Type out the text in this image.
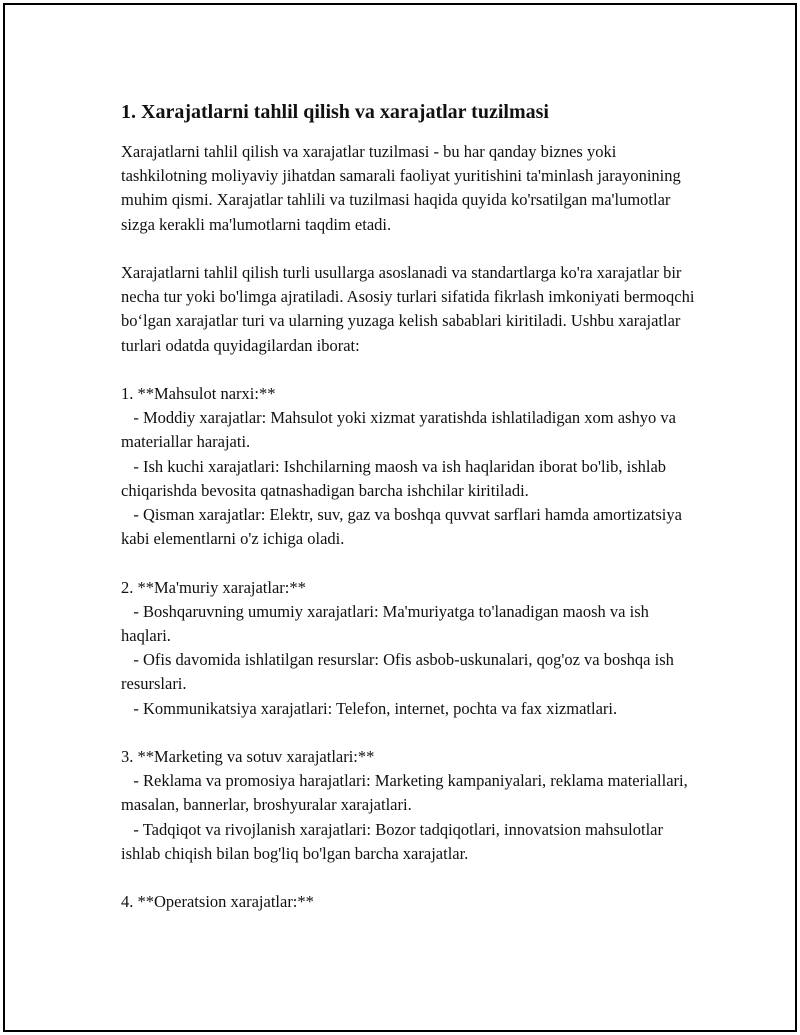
1. Xarajatlarni tahlil qilish va xarajatlar tuzilmasi

Xarajatlarni tahlil qilish va xarajatlar tuzilmasi - bu har qanday biznes yoki tashkilotning moliyaviy jihatdan samarali faoliyat yuritishini ta'minlash jarayonining muhim qismi. Xarajatlar tahlili va tuzilmasi haqida quyida ko'rsatilgan ma'lumotlar sizga kerakli ma'lumotlarni taqdim etadi.

Xarajatlarni tahlil qilish turli usullarga asoslanadi va standartlarga ko'ra xarajatlar bir necha tur yoki bo'limga ajratiladi. Asosiy turlari sifatida fikrlash imkoniyati bermoqchi bo‘lgan xarajatlar turi va ularning yuzaga kelish sabablari kiritiladi. Ushbu xarajatlar turlari odatda quyidagilardan iborat:

1. **Mahsulot narxi:**
- Moddiy xarajatlar: Mahsulot yoki xizmat yaratishda ishlatiladigan xom ashyo va materiallar harajati.
- Ish kuchi xarajatlari: Ishchilarning maosh va ish haqlaridan iborat bo'lib, ishlab chiqarishda bevosita qatnashadigan barcha ishchilar kiritiladi.
- Qisman xarajatlar: Elektr, suv, gaz va boshqa quvvat sarflari hamda amortizatsiya kabi elementlarni o'z ichiga oladi.
2. **Ma'muriy xarajatlar:**
- Boshqaruvning umumiy xarajatlari: Ma'muriyatga to'lanadigan maosh va ish haqlari.
- Ofis davomida ishlatilgan resurslar: Ofis asbob-uskunalari, qog'oz va boshqa ish resurslari.
- Kommunikatsiya xarajatlari: Telefon, internet, pochta va fax xizmatlari.
3. **Marketing va sotuv xarajatlari:**
- Reklama va promosiya harajatlari: Marketing kampaniyalari, reklama materiallari, masalan, bannerlar, broshyuralar xarajatlari.
- Tadqiqot va rivojlanish xarajatlari: Bozor tadqiqotlari, innovatsion mahsulotlar ishlab chiqish bilan bog'liq bo'lgan barcha xarajatlar.
4. **Operatsion xarajatlar:**
